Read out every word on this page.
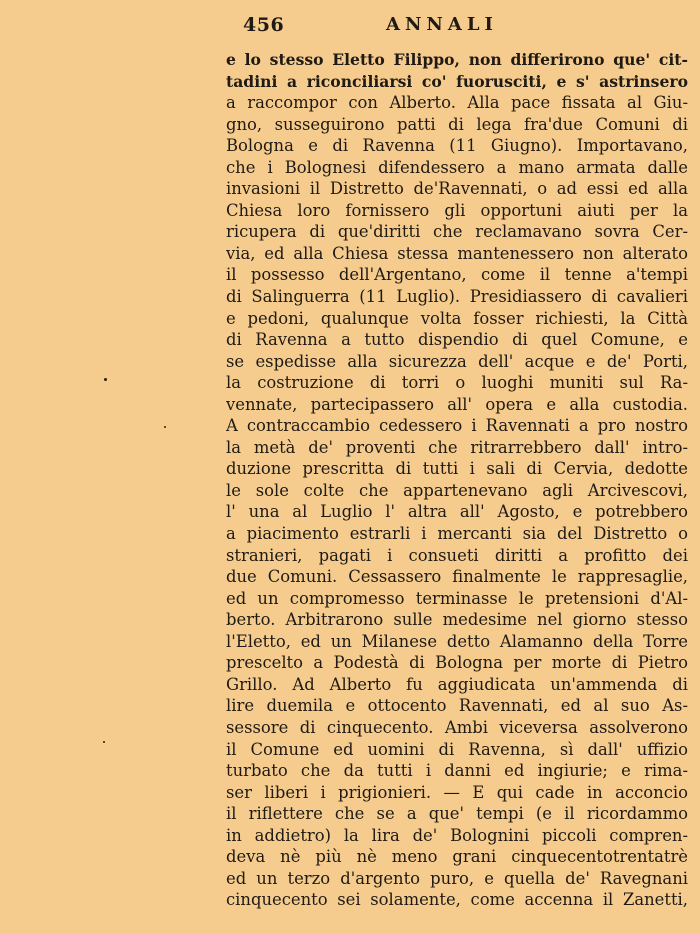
456	ANNALI
e lo stesso Eletto Filippo, non differirono que' cit-
tadini a riconciliarsi co' fuorusciti, e s' astrinsero
a raccompor con Alberto. Alla pace fissata al Giu-
gno, susseguirono patti di lega fra'due Comuni di
Bologna e di Ravenna (11 Giugno). Importavano,
che i Bolognesi difendessero a mano armata dalle
invasioni il Distretto de'Ravennati, o ad essi ed alla
Chiesa loro fornissero gli opportuni aiuti per la
ricupera di que'diritti che reclamavano sovra Cer-
via, ed alla Chiesa stessa mantenessero non alterato
il possesso dell'Argentano, come il tenne a'tempi
di Salinguerra (11 Luglio). Presidiassero di cavalieri
e pedoni, qualunque volta fosser richiesti, la Città
di Ravenna a tutto dispendio di quel Comune, e
se espedisse alla sicurezza dell' acque e de' Porti,
la costruzione di torri o luoghi muniti sul Ra-
vennate, partecipassero all' opera e alla custodia.
A contraccambio cedessero i Ravennati a pro nostro
la metà de' proventi che ritrarrebbero dall' intro-
duzione prescritta di tutti i sali di Cervia, dedotte
le sole colte che appartenevano agli Arcivescovi,
l' una al Luglio l' altra all' Agosto, e potrebbero
a piacimento estrarli i mercanti sia del Distretto o
stranieri, pagati i consueti diritti a profitto dei
due Comuni. Cessassero finalmente le rappresaglie,
ed un compromesso terminasse le pretensioni d'Al-
berto. Arbitrarono sulle medesime nel giorno stesso
l'Eletto, ed un Milanese detto Alamanno della Torre
prescelto a Podestà di Bologna per morte di Pietro
Grillo. Ad Alberto fu aggiudicata un'ammenda di
lire duemila e ottocento Ravennati, ed al suo As-
sessore di cinquecento. Ambi viceversa assolverono
il Comune ed uomini di Ravenna, sì dall' uffizio
turbato che da tutti i danni ed ingiurie; e rima-
ser liberi i prigionieri. — E qui cade in acconcio
il riflettere che se a que' tempi (e il ricordammo
in addietro) la lira de' Bolognini piccoli compren-
deva nè più nè meno grani cinquecentotrentatrè
ed un terzo d'argento puro, e quella de' Ravegnani
cinquecento sei solamente, come accenna il Zanetti,
